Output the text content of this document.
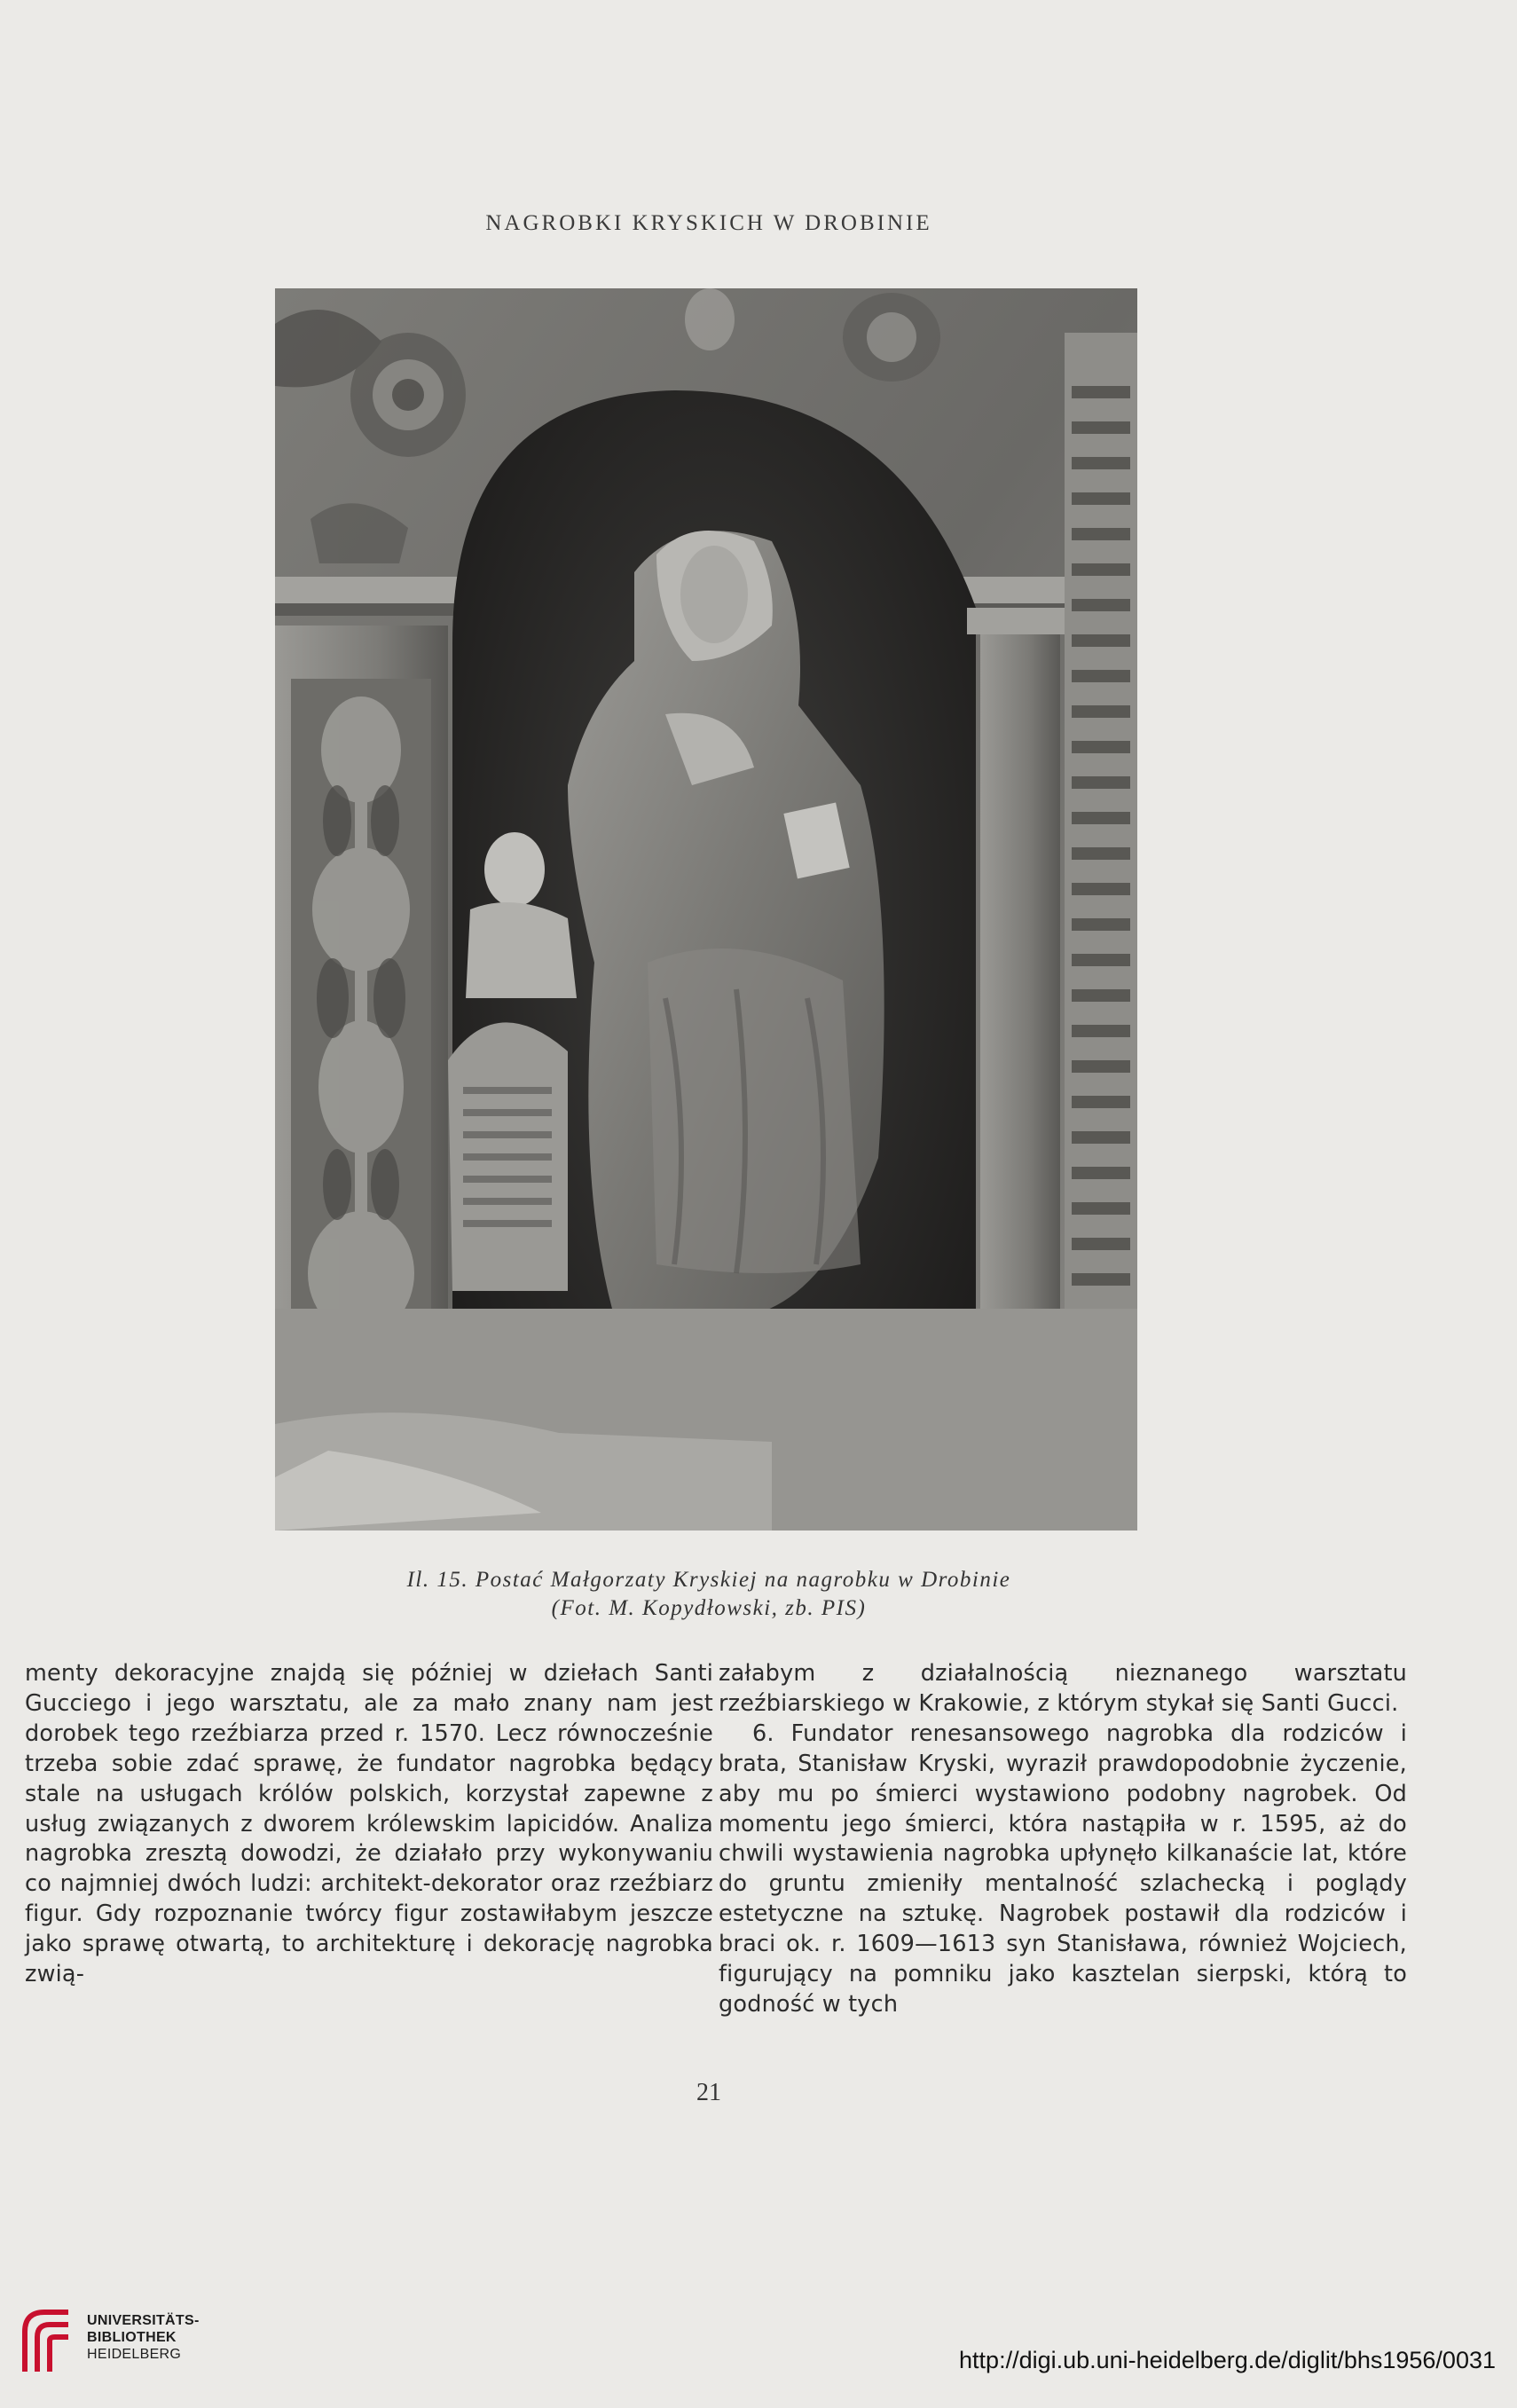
NAGROBKI KRYSKICH W DROBINIE
Il. 15. Postać Małgorzaty Kryskiej na nagrobku w Drobinie
(Fot. M. Kopydłowski, zb. PIS)

menty dekoracyjne znajdą się później w dziełach Santi Gucciego i jego warsztatu, ale za mało znany nam jest dorobek tego rzeźbiarza przed r. 1570. Lecz równocześnie trzeba sobie zdać sprawę, że fundator nagrobka będący stale na usługach królów polskich, korzystał zapewne z usług związanych z dworem królewskim lapicidów. Analiza nagrobka zresztą dowodzi, że działało przy wykonywaniu co najmniej dwóch ludzi: architekt-dekorator oraz rzeźbiarz figur. Gdy rozpoznanie twórcy figur zostawiłabym jeszcze jako sprawę otwartą, to architekturę i dekorację nagrobka zwią-

załabym z działalnością nieznanego warsztatu rzeźbiarskiego w Krakowie, z którym stykał się Santi Gucci.

6. Fundator renesansowego nagrobka dla rodziców i brata, Stanisław Kryski, wyraził prawdopodobnie życzenie, aby mu po śmierci wystawiono podobny nagrobek. Od momentu jego śmierci, która nastąpiła w r. 1595, aż do chwili wystawienia nagrobka upłynęło kilkanaście lat, które do gruntu zmieniły mentalność szlachecką i poglądy estetyczne na sztukę. Nagrobek postawił dla rodziców i braci ok. r. 1609—1613 syn Stanisława, również Wojciech, figurujący na pomniku jako kasztelan sierpski, którą to godność w tych

21
UNIVERSITÄTS-
BIBLIOTHEK
HEIDELBERG	http://digi.ub.uni-heidelberg.de/diglit/bhs1956/0031
